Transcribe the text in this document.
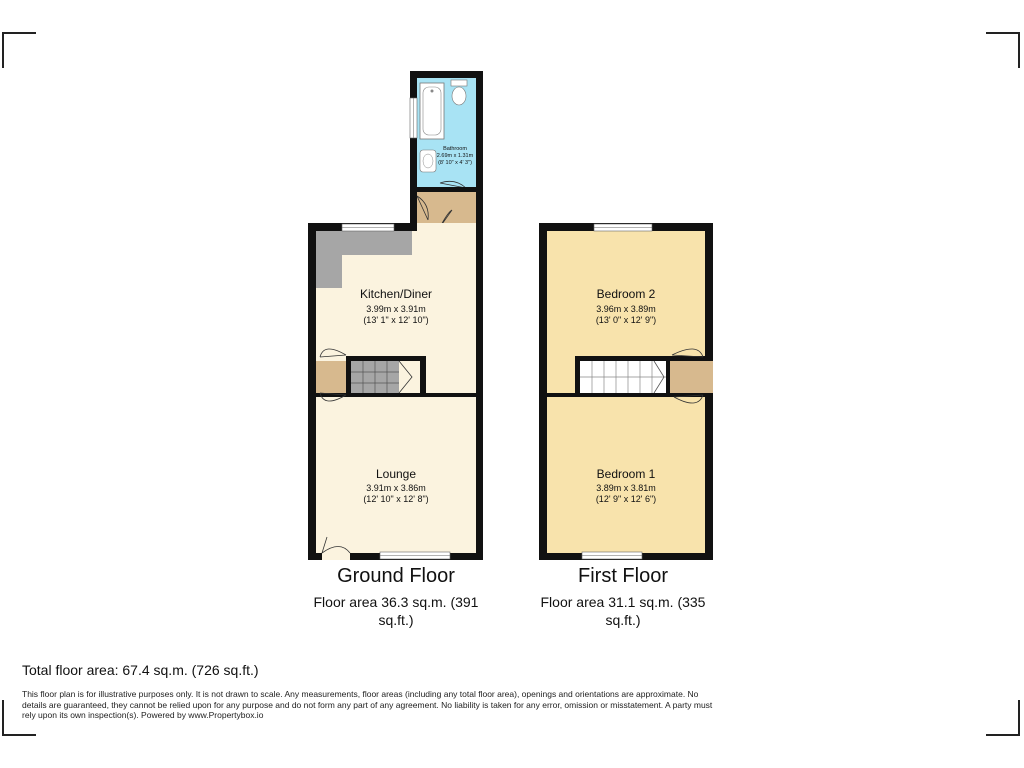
Bathroom
2.69m x 1.31m
(8' 10" x 4' 3")
Kitchen/Diner
3.99m x 3.91m
(13' 1" x 12' 10")
Lounge
3.91m x 3.86m
(12' 10" x 12' 8")
Bedroom 2
3.96m x 3.89m
(13' 0" x 12' 9")
Bedroom 1
3.89m x 3.81m
(12' 9" x 12' 6")
Ground Floor
Floor area 36.3 sq.m. (391
sq.ft.)
First Floor
Floor area 31.1 sq.m. (335
sq.ft.)
Total floor area: 67.4 sq.m. (726 sq.ft.)
This floor plan is for illustrative purposes only. It is not drawn to scale. Any measurements, floor areas (including any total floor area), openings and orientations are approximate. No details are guaranteed, they cannot be relied upon for any purpose and do not form any part of any agreement. No liability is taken for any error, omission or misstatement. A party must rely upon its own inspection(s). Powered by www.Propertybox.io
